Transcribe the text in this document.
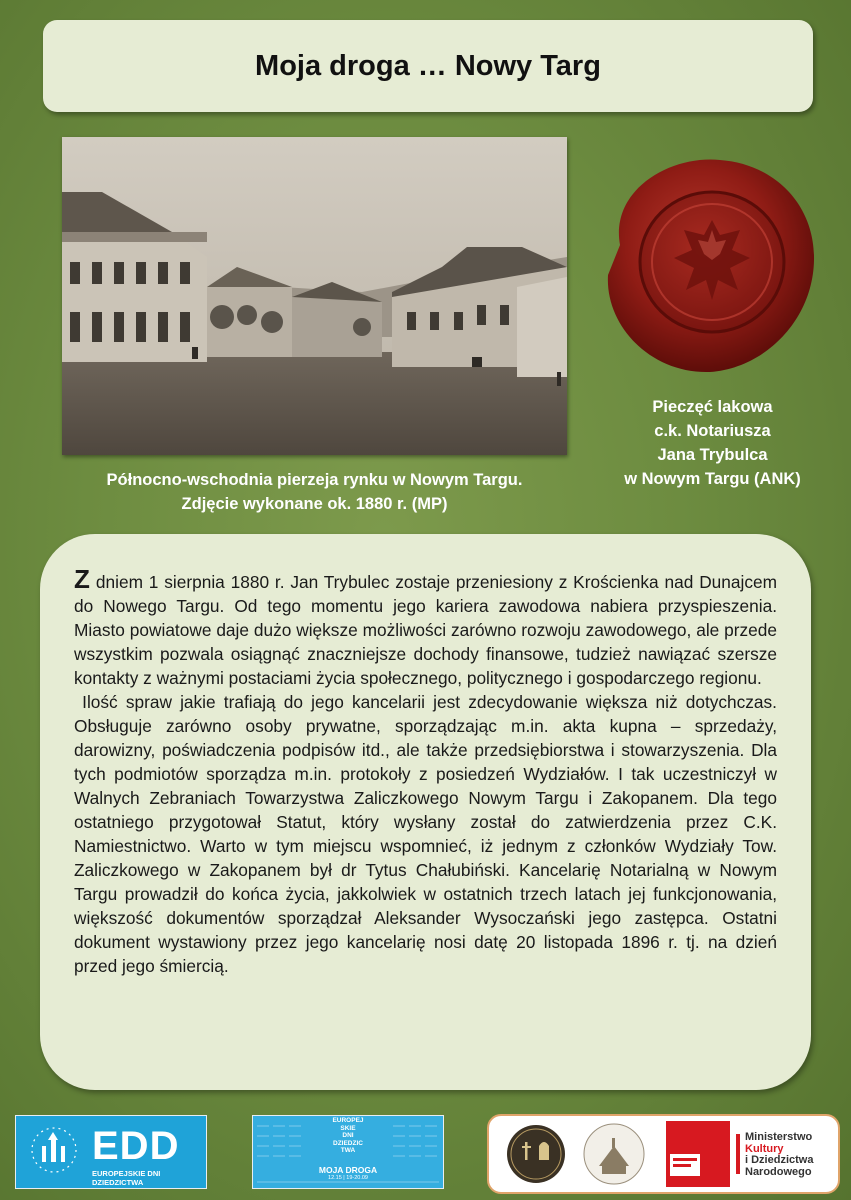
Moja droga … Nowy Targ
Północno-wschodnia pierzeja rynku w Nowym Targu.
Zdjęcie wykonane ok. 1880 r. (MP)
Pieczęć lakowa
c.k. Notariusza
Jana Trybulca
w Nowym Targu (ANK)

Zdniem 1 sierpnia 1880 r. Jan Trybulec zostaje przeniesiony z Krościenka nad Dunajcem do Nowego Targu. Od tego momentu jego kariera zawodowa nabiera przyspieszenia. Miasto powiatowe daje dużo większe możliwości zarówno rozwoju zawodowego, ale przede wszystkim pozwala osiągnąć znaczniejsze dochody finansowe, tudzież nawiązać szersze kontakty z ważnymi postaciami życia społecznego, politycznego i gospodarczego regionu.

Ilość spraw jakie trafiają do jego kancelarii jest zdecydowanie większa niż dotychczas. Obsługuje zarówno osoby prywatne, sporządzając m.in. akta kupna – sprzedaży, darowizny, poświadczenia podpisów itd., ale także przedsiębiorstwa i stowarzyszenia. Dla tych podmiotów sporządza m.in. protokoły z posiedzeń Wydziałów. I tak uczestniczył w Walnych Zebraniach Towarzystwa Zaliczkowego Nowym Targu i Zakopanem. Dla tego ostatniego przygotował Statut, który wysłany został do zatwierdzenia przez C.K. Namiestnictwo. Warto w tym miejscu wspomnieć, iż jednym z członków Wydziały Tow. Zaliczkowego w Zakopanem był dr Tytus Chałubiński. Kancelarię Notarialną w Nowym Targu prowadził do końca życia, jakkolwiek w ostatnich trzech latach jej funkcjonowania, większość dokumentów sporządzał Aleksander Wysoczański jego zastępca. Ostatni dokument wystawiony przez jego kancelarię nosi datę 20 listopada 1896 r. tj. na dzień przed jego śmiercią.

EDD
EUROPEJSKIE DNI DZIEDZICTWA
EUROPEJ
SKIE
DNI
DZIEDZIC
TWA
MOJA DROGA
12.15 | 19-20.09
Ministerstwo
Kultury
i Dziedzictwa
Narodowego
